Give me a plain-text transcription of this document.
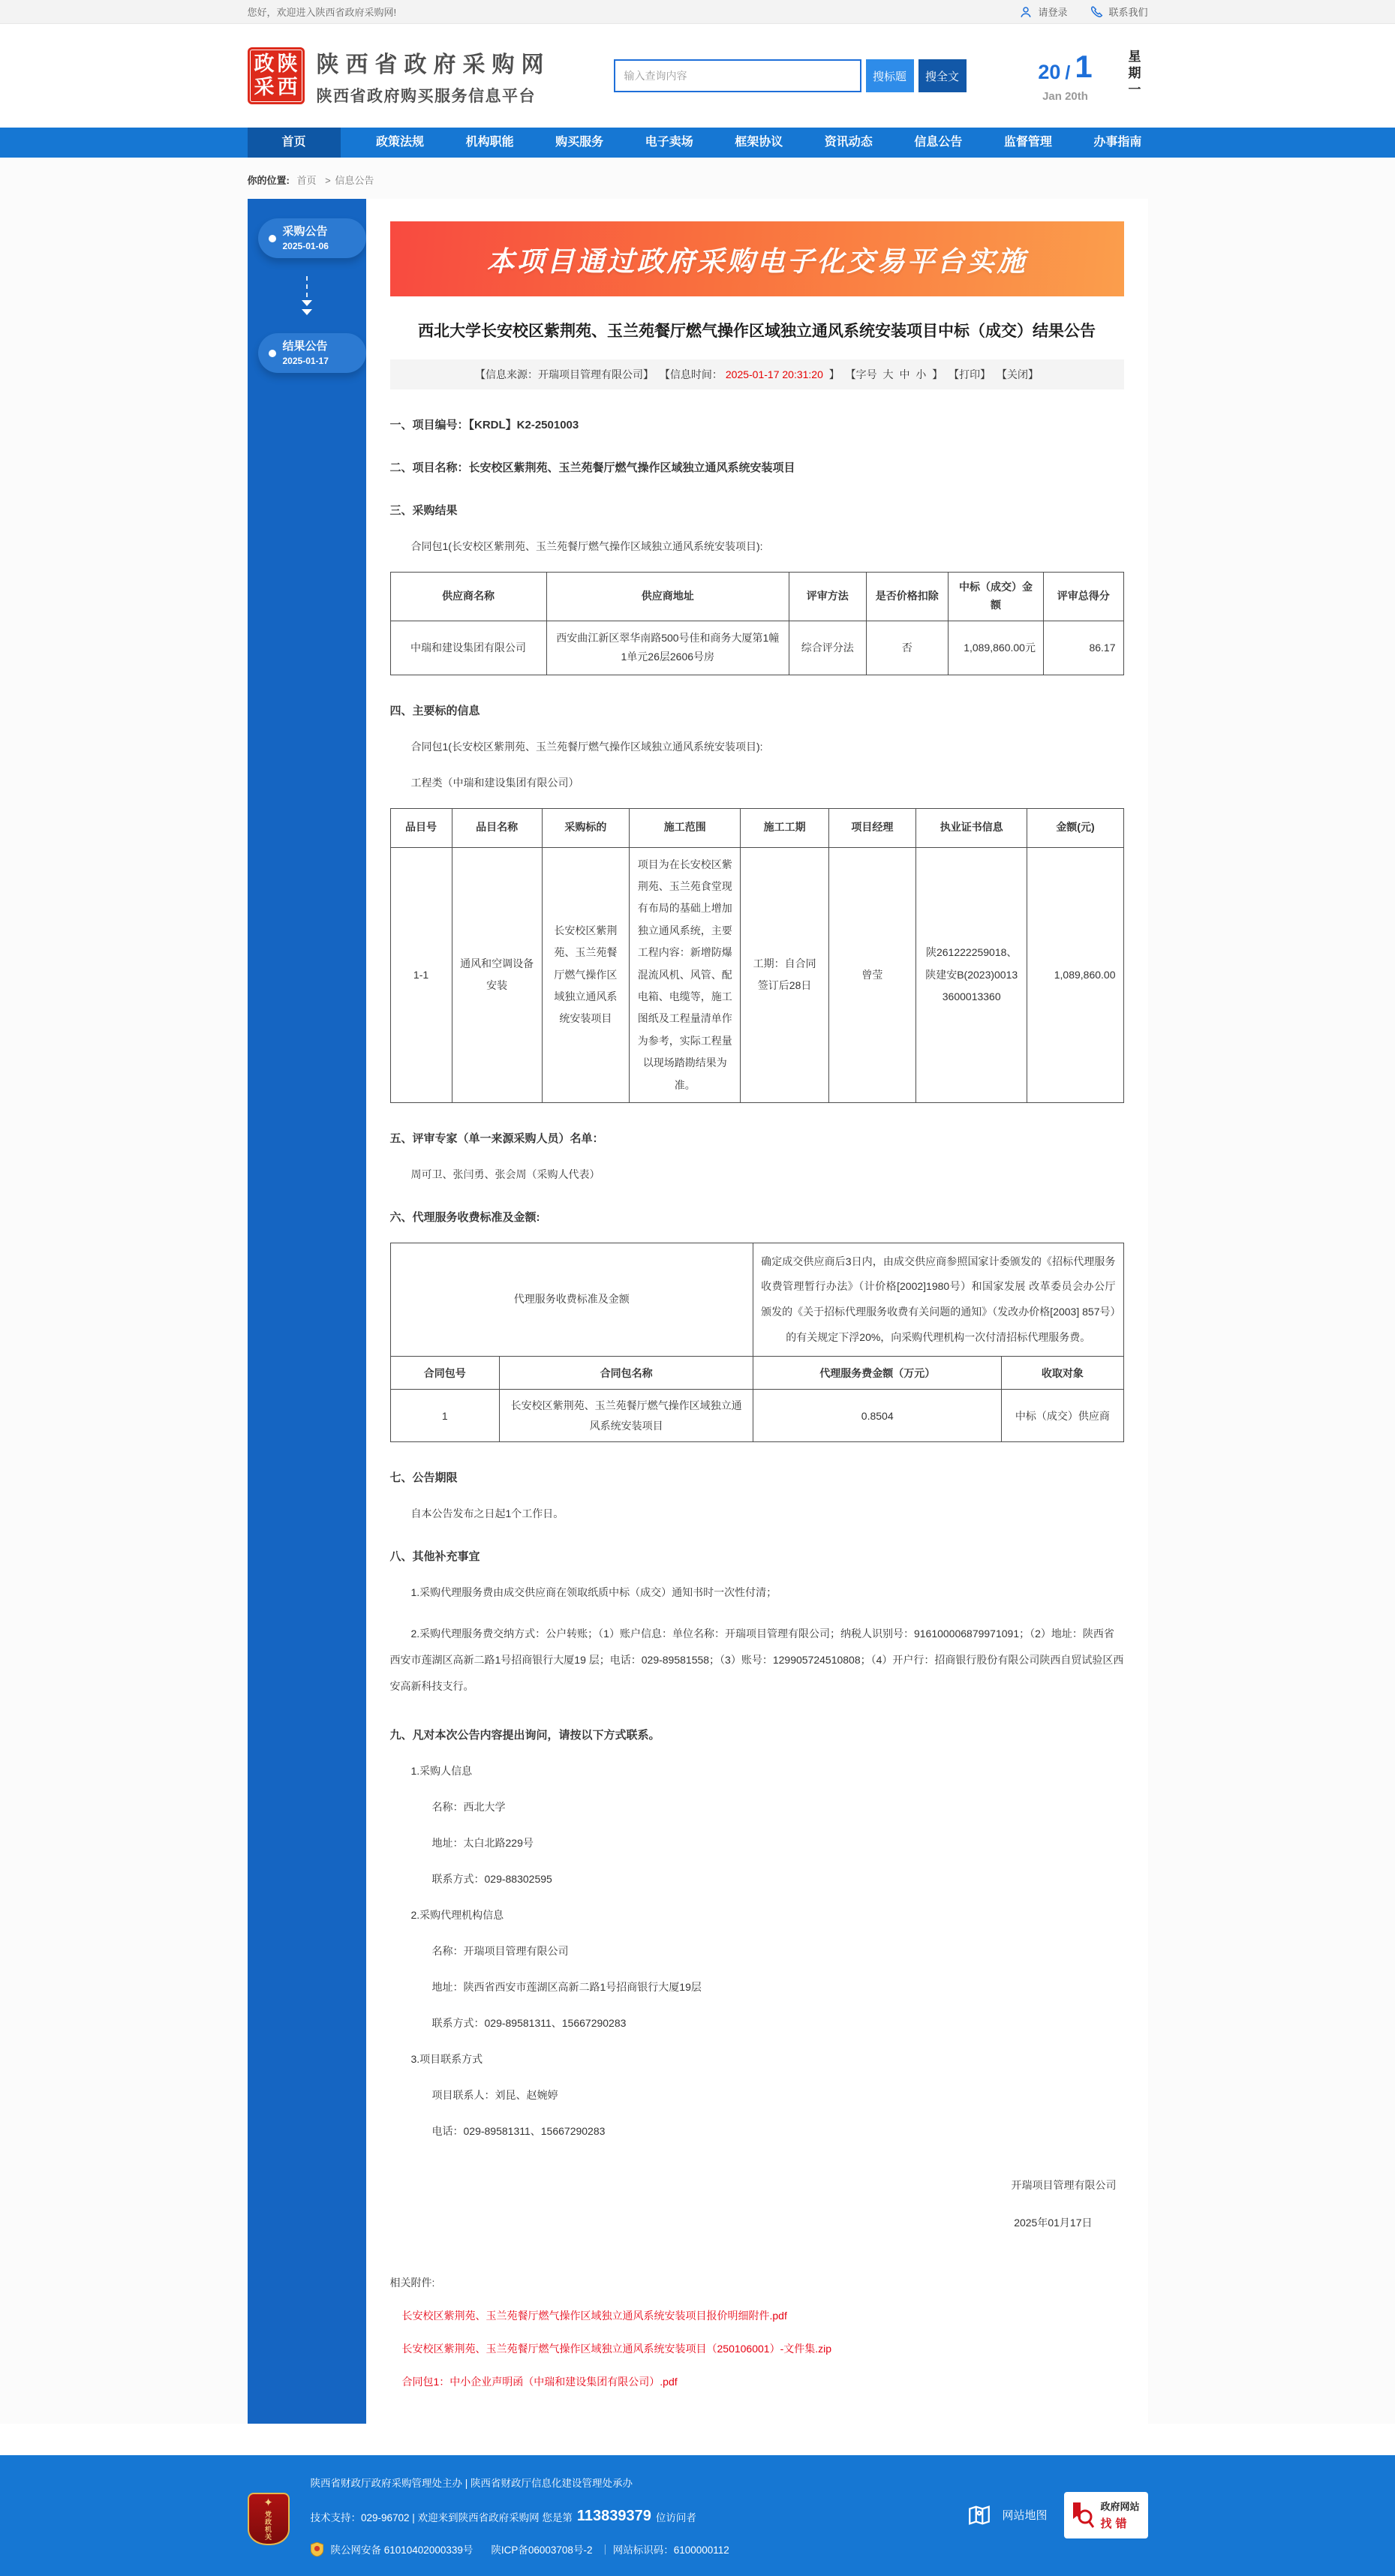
您好，欢迎进入陕西省政府采购网!	请登录	联系我们
政 陕
采 西
陕西省政府采购网
陕西省政府购买服务信息平台
输入查询内容
搜标题	搜全文	20 / 1
Jan 20th	星期一
首页	政策法规	机构职能	购买服务	电子卖场	框架协议	资讯动态	信息公告	监督管理	办事指南
你的位置: 首页 > 信息公告
采购公告
2025-01-06
结果公告
2025-01-17
本项目通过政府采购电子化交易平台实施
西北大学长安校区紫荆苑、玉兰苑餐厅燃气操作区域独立通风系统安装项目中标（成交）结果公告
【信息来源：开瑞项目管理有限公司】 【信息时间： 2025-01-17 20:31:20 】 【字号 大 中 小 】 【打印】 【关闭】

一、项目编号：【KRDL】K2-2501003

二、项目名称：长安校区紫荆苑、玉兰苑餐厅燃气操作区域独立通风系统安装项目

三、采购结果

合同包1(长安校区紫荆苑、玉兰苑餐厅燃气操作区域独立通风系统安装项目):

供应商名称	供应商地址	评审方法	是否价格扣除	中标（成交）金额	评审总得分
中瑞和建设集团有限公司	西安曲江新区翠华南路500号佳和商务大厦第1幢1单元26层2606号房	综合评分法	否	1,089,860.00元	86.17

四、主要标的信息

合同包1(长安校区紫荆苑、玉兰苑餐厅燃气操作区域独立通风系统安装项目):

工程类（中瑞和建设集团有限公司）

品目号	品目名称	采购标的	施工范围	施工工期	项目经理	执业证书信息	金额(元)
1-1	通风和空调设备安装	长安校区紫荆苑、玉兰苑餐厅燃气操作区域独立通风系统安装项目	项目为在长安校区紫荆苑、玉兰苑食堂现有布局的基础上增加独立通风系统，主要工程内容：新增防爆混流风机、风管、配电箱、电缆等，施工图纸及工程量清单作为参考，实际工程量以现场踏勘结果为准。	工期：自合同签订后28日	曾莹	陕261222259018、陕建安B(2023)00133600013360	1,089,860.00

五、评审专家（单一来源采购人员）名单：

周可卫、张闫勇、张会周（采购人代表）

六、代理服务收费标准及金额:

代理服务收费标准及金额		确定成交供应商后3日内，由成交供应商参照国家计委颁发的《招标代理服务收费管理暂行办法》（计价格[2002]1980号）和国家发展 改革委员会办公厅颁发的《关于招标代理服务收费有关问题的通知》（发改办价格[2003] 857号）的有关规定下浮20%，向采购代理机构一次付清招标代理服务费。	
合同包号	合同包名称	代理服务费金额（万元）	收取对象
1	长安校区紫荆苑、玉兰苑餐厅燃气操作区域独立通风系统安装项目	0.8504	中标（成交）供应商

七、公告期限

自本公告发布之日起1个工作日。

八、其他补充事宜

1.采购代理服务费由成交供应商在领取纸质中标（成交）通知书时一次性付清；

2.采购代理服务费交纳方式：公户转账；（1）账户信息：单位名称：开瑞项目管理有限公司；纳税人识别号：916100006879971091；（2）地址：陕西省西安市莲湖区高新二路1号招商银行大厦19 层；电话：029-89581558；（3）账号：129905724510808；（4）开户行：招商银行股份有限公司陕西自贸试验区西安高新科技支行。

九、凡对本次公告内容提出询问，请按以下方式联系。

1.采购人信息

名称：西北大学

地址：太白北路229号

联系方式：029-88302595

2.采购代理机构信息

名称：开瑞项目管理有限公司

地址：陕西省西安市莲湖区高新二路1号招商银行大厦19层

联系方式：029-89581311、15667290283

3.项目联系方式

项目联系人：刘昆、赵婉婷

电话：029-89581311、15667290283

开瑞项目管理有限公司
2025年01月17日
相关附件:
长安校区紫荆苑、玉兰苑餐厅燃气操作区域独立通风系统安装项目报价明细附件.pdf
长安校区紫荆苑、玉兰苑餐厅燃气操作区域独立通风系统安装项目（250106001）-文件集.zip
合同包1：中小企业声明函（中瑞和建设集团有限公司）.pdf
✦
党政机关
陕西省财政厅政府采购管理处主办 | 陕西省财政厅信息化建设管理处承办
技术支持：029-96702 | 欢迎来到陕西省政府采购网 您是第 113839379 位访问者
陕公网安备 61010402000339号 陕ICP备06003708号-2 ｜ 网站标识码：6100000112
网站地图
政府网站
找错
